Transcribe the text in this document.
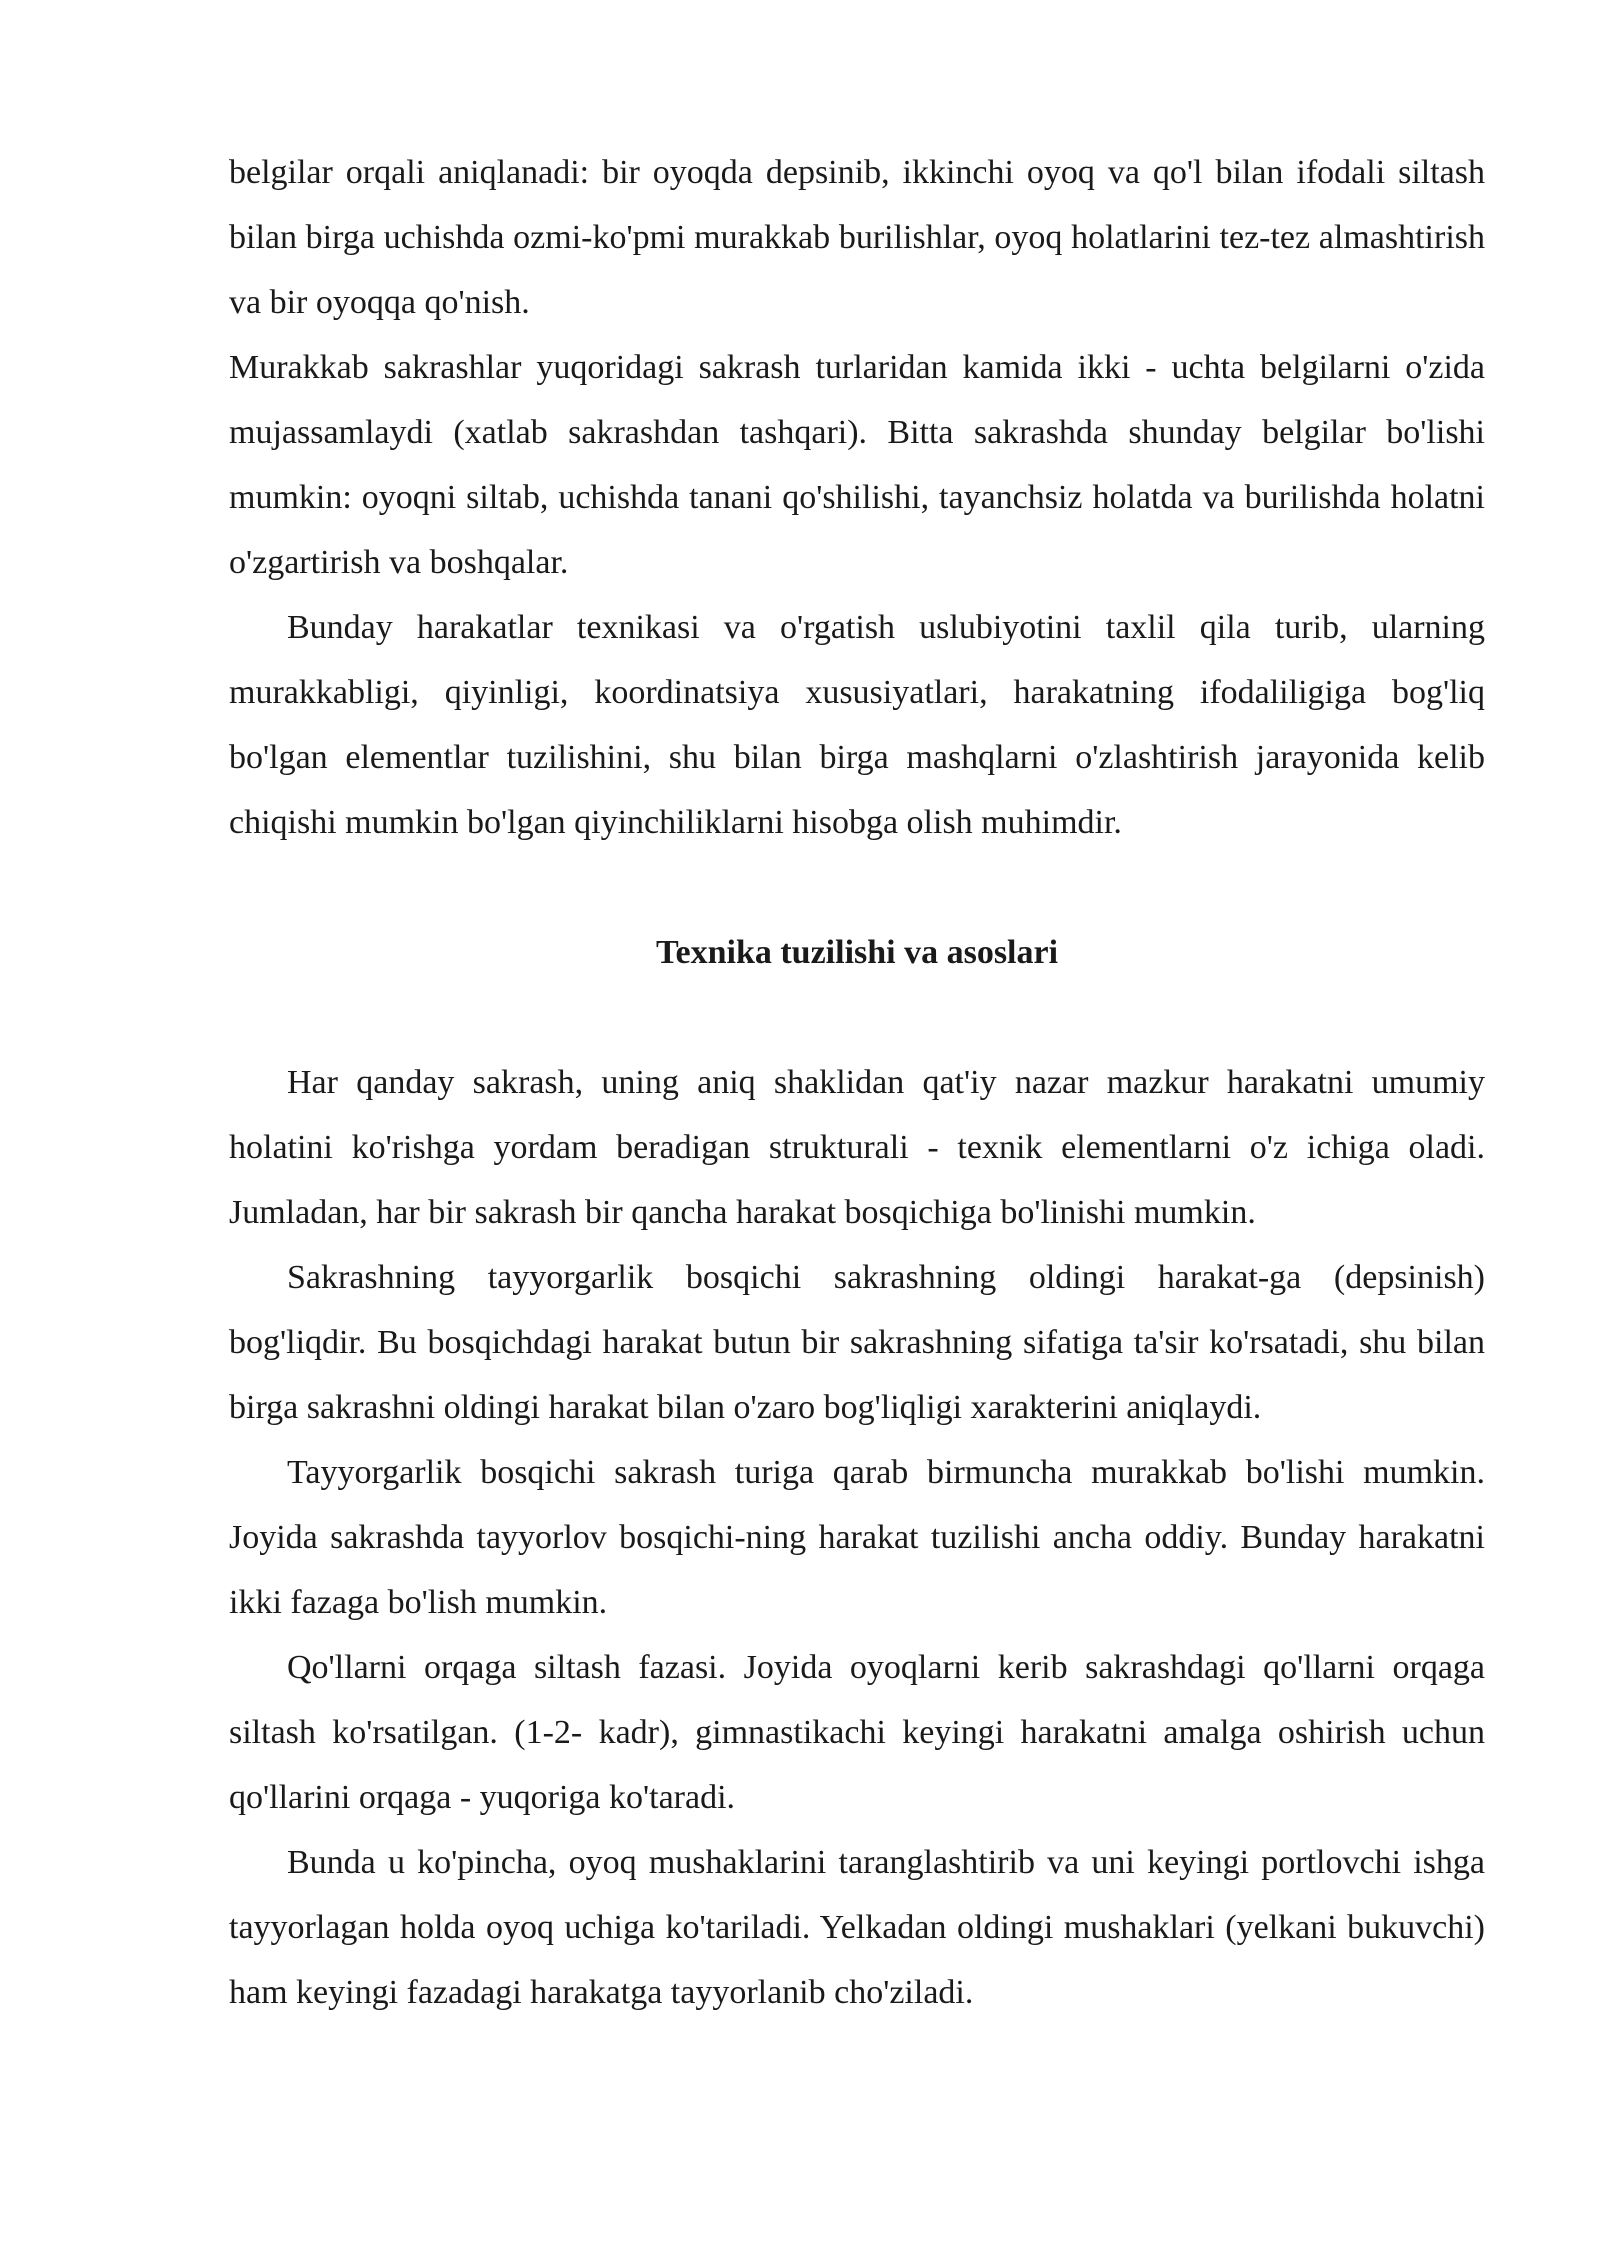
belgilar orqali aniqlanadi: bir oyoqda depsinib, ikkinchi oyoq va qo'l bilan ifodali siltash bilan birga uchishda ozmi-ko'pmi murakkab burilishlar, oyoq holatlarini tez-tez almashtirish va bir oyoqqa qo'nish.

Murakkab sakrashlar yuqoridagi sakrash turlaridan kamida ikki - uchta belgilarni o'zida mujassamlaydi (xatlab sakrashdan tashqari). Bitta sakrashda shunday belgilar bo'lishi mumkin: oyoqni siltab, uchishda tanani qo'shilishi, tayanchsiz holatda va burilishda holatni o'zgartirish va boshqalar.

Bunday harakatlar texnikasi va o'rgatish uslubiyotini taxlil qila turib, ularning murakkabligi, qiyinligi, koordinatsiya xususiyatlari, harakatning ifodaliligiga bog'liq bo'lgan elementlar tuzilishini, shu bilan birga mashqlarni o'zlashtirish jarayonida kelib chiqishi mumkin bo'lgan qiyinchiliklarni hisobga olish muhimdir.

Texnika tuzilishi va asoslari

Har qanday sakrash, uning aniq shaklidan qat'iy nazar mazkur harakatni umumiy holatini ko'rishga yordam beradigan strukturali - texnik elementlarni o'z ichiga oladi. Jumladan, har bir sakrash bir qancha harakat bosqichiga bo'linishi mumkin.

Sakrashning tayyorgarlik bosqichi sakrashning oldingi harakat-ga (depsinish) bog'liqdir. Bu bosqichdagi harakat butun bir sakrashning sifatiga ta'sir ko'rsatadi, shu bilan birga sakrashni oldingi harakat bilan o'zaro bog'liqligi xarakterini aniqlaydi.

Tayyorgarlik bosqichi sakrash turiga qarab birmuncha murakkab bo'lishi mumkin. Joyida sakrashda tayyorlov bosqichi-ning harakat tuzilishi ancha oddiy. Bunday harakatni ikki fazaga bo'lish mumkin.

Qo'llarni orqaga siltash fazasi. Joyida oyoqlarni kerib sakrashdagi qo'llarni orqaga siltash ko'rsatilgan. (1-2- kadr), gimnastikachi keyingi harakatni amalga oshirish uchun qo'llarini orqaga - yuqoriga ko'taradi.

Bunda u ko'pincha, oyoq mushaklarini taranglashtirib va uni keyingi portlovchi ishga tayyorlagan holda oyoq uchiga ko'tariladi. Yelkadan oldingi mushaklari (yelkani bukuvchi) ham keyingi fazadagi harakatga tayyorlanib cho'ziladi.
